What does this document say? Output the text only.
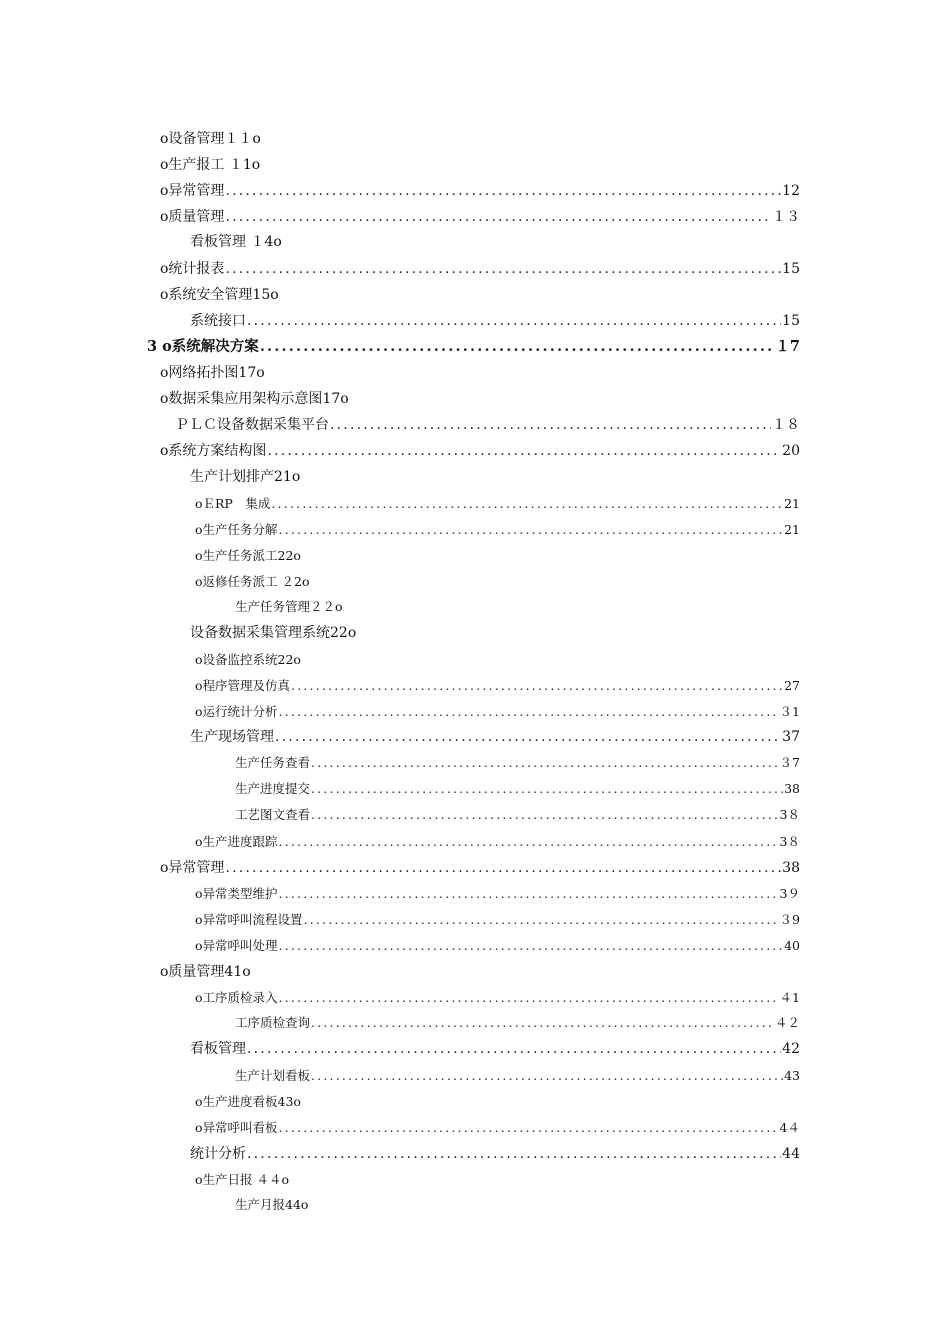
o设备管理１１o
o生产报工 １1o
o异常管理 .....	12
o质量管理 .....	１３
看板管理 １4o
o统计报表 .....	15
o系统安全管理15o
系统接口 .....	15
3 o系统解决方案 .....	１7
o网络拓扑图17o
o数据采集应用架构示意图17o
ＰＬＣ设备数据采集平台 .....	１８
o系统方案结构图 .....	20
生产计划排产21o
oＥRP　集成 .....	21
o生产任务分解 .....	21
o生产任务派工22o
o返修任务派工 ２2o
生产任务管理２２o
设备数据采集管理系统22o
o设备监控系统22o
o程序管理及仿真 .....	27
o运行统计分析 .....	３1
生产现场管理 .....	37
生产任务查看 .....	３7
生产进度提交 .....	38
工艺图文查看 .....	3８
o生产进度跟踪 .....	3８
o异常管理 .....	38
o异常类型维护 .....	3９
o异常呼叫流程设置 .....	３9
o异常呼叫处理 .....	40
o质量管理41o
o工序质检录入 .....	４1
工序质检查询 .....	４２
看板管理 .....	42
生产计划看板 .....	43
o生产进度看板43o
o异常呼叫看板 .....	4４
统计分析 .....	44
o生产日报 ４４o
生产月报44o
